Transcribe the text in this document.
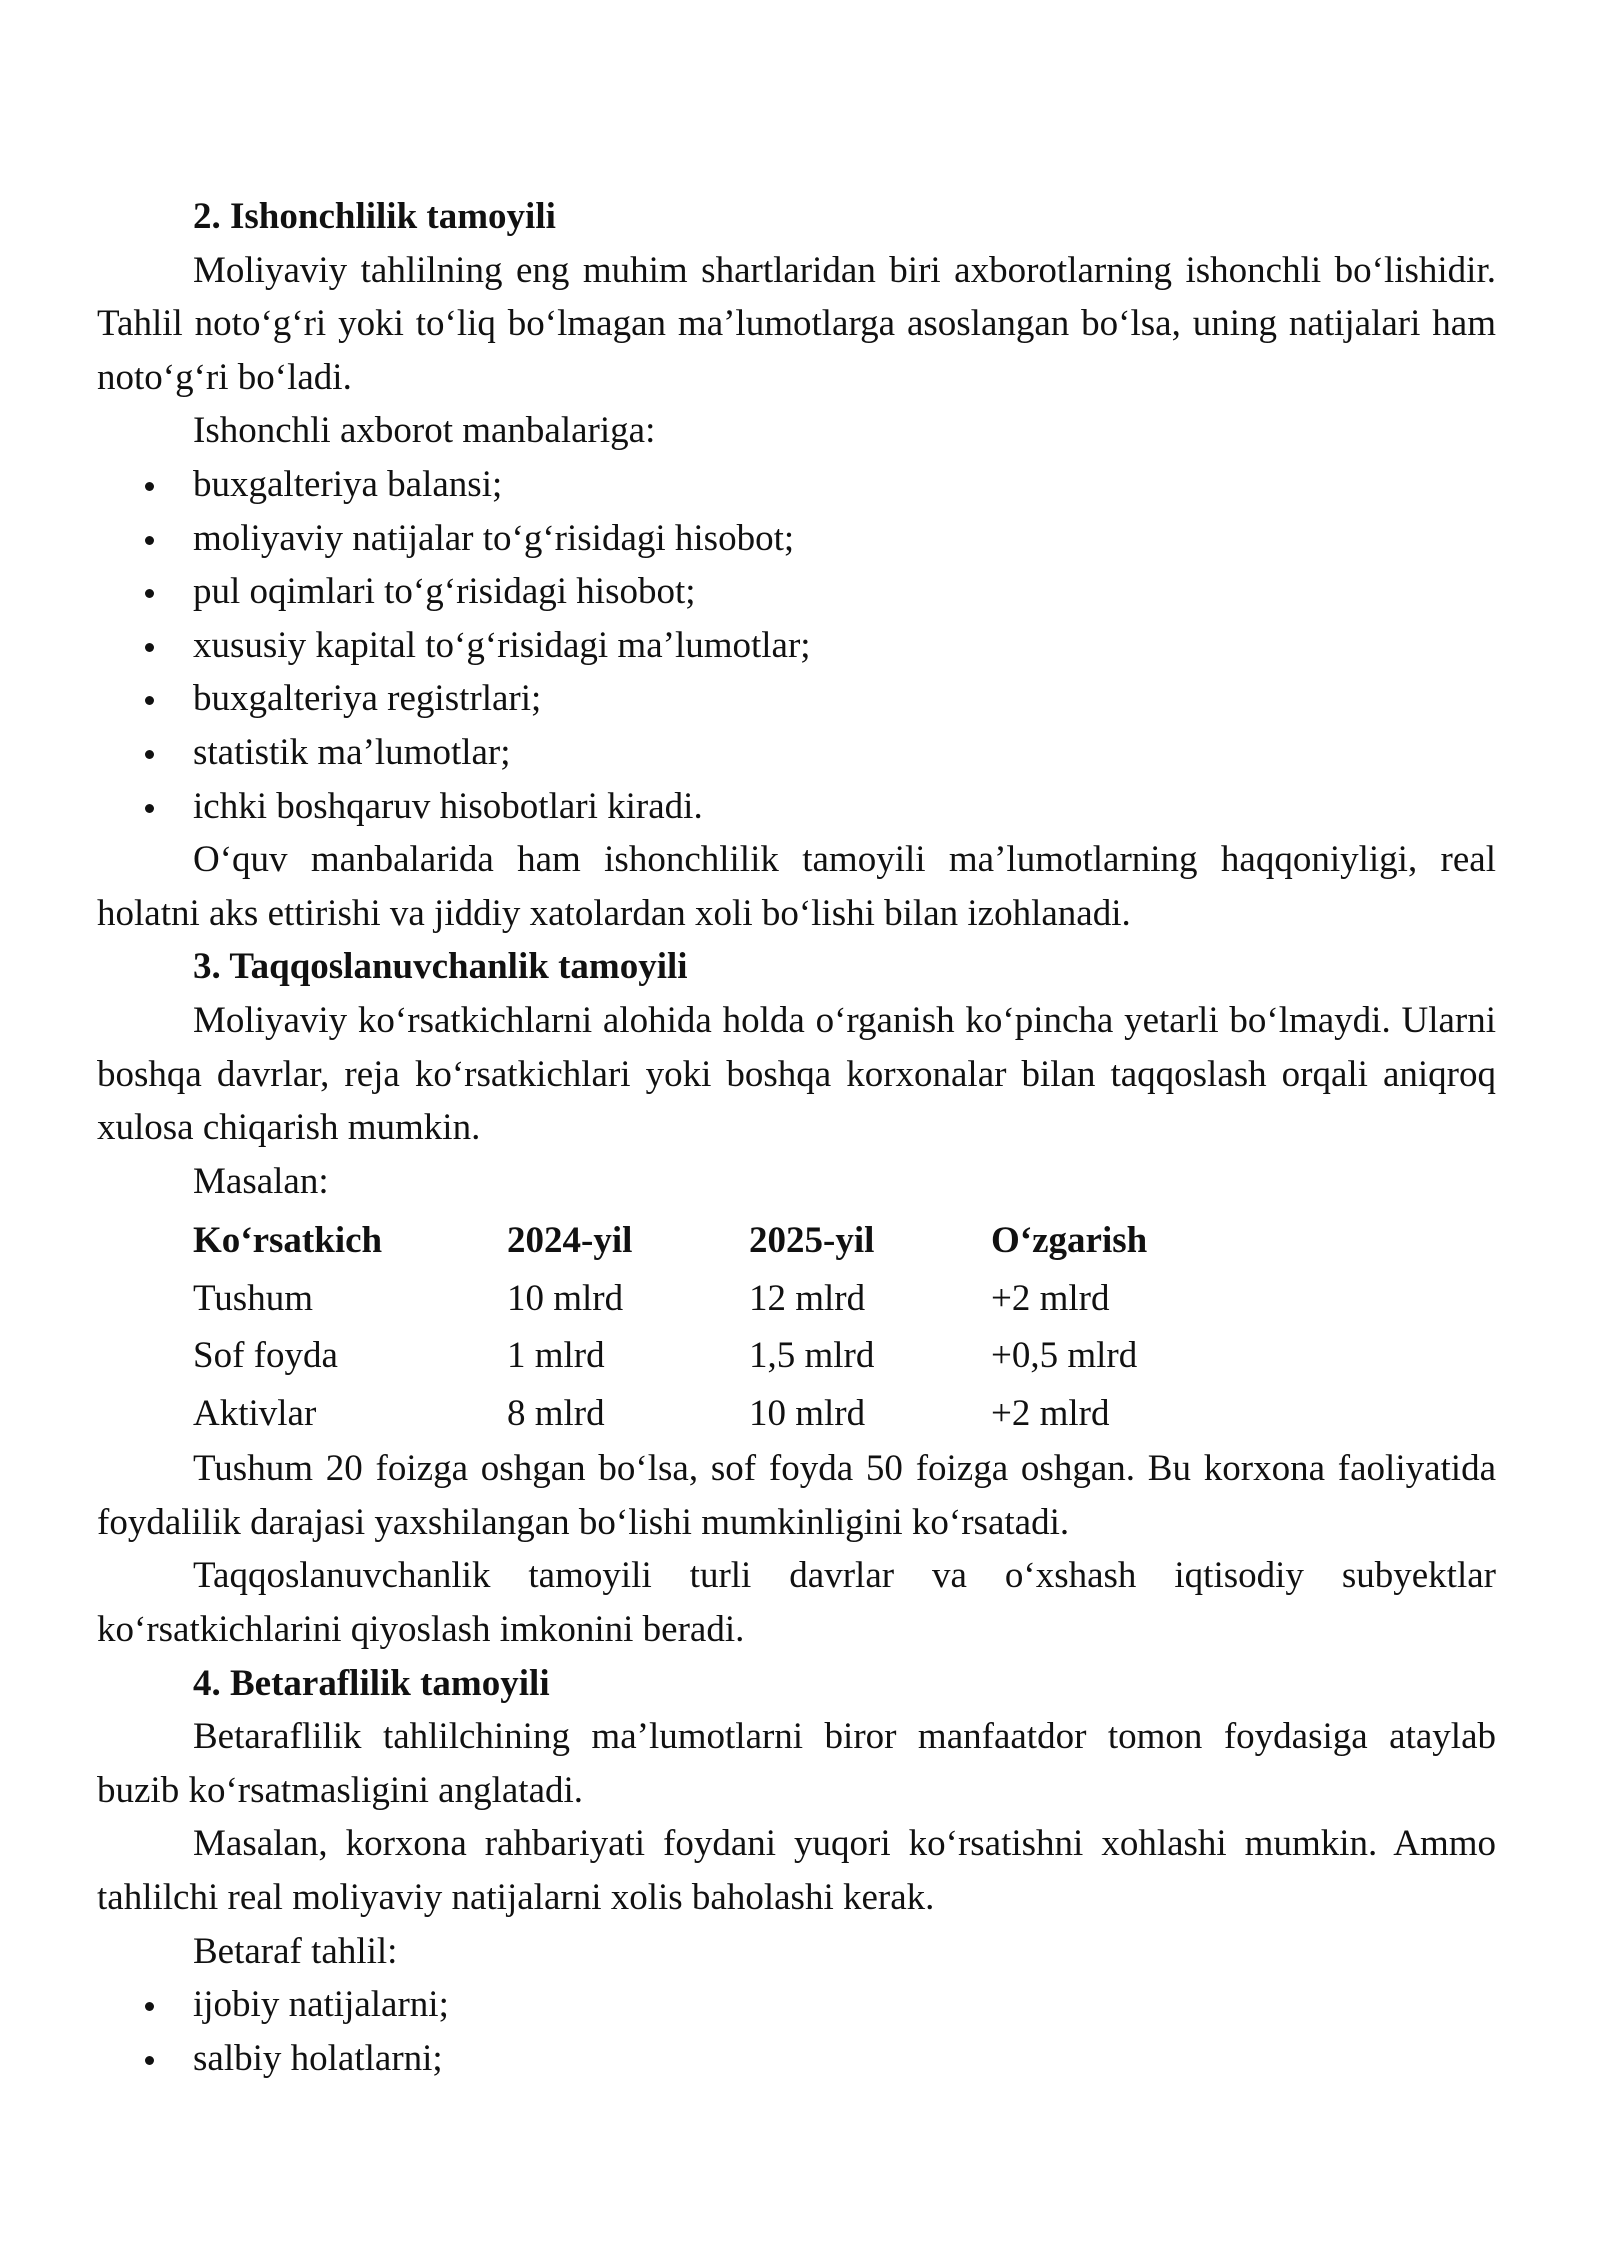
2. Ishonchlilik tamoyili

Moliyaviy tahlilning eng muhim shartlaridan biri axborotlarning ishonchli bo‘lishidir. Tahlil noto‘g‘ri yoki to‘liq bo‘lmagan ma’lumotlarga asoslangan bo‘lsa, uning natijalari ham noto‘g‘ri bo‘ladi.

Ishonchli axborot manbalariga:

buxgalteriya balansi;
moliyaviy natijalar to‘g‘risidagi hisobot;
pul oqimlari to‘g‘risidagi hisobot;
xususiy kapital to‘g‘risidagi ma’lumotlar;
buxgalteriya registrlari;
statistik ma’lumotlar;
ichki boshqaruv hisobotlari kiradi.

O‘quv manbalarida ham ishonchlilik tamoyili ma’lumotlarning haqqoniyligi, real holatni aks ettirishi va jiddiy xatolardan xoli bo‘lishi bilan izohlanadi.

3. Taqqoslanuvchanlik tamoyili

Moliyaviy ko‘rsatkichlarni alohida holda o‘rganish ko‘pincha yetarli bo‘lmaydi. Ularni boshqa davrlar, reja ko‘rsatkichlari yoki boshqa korxonalar bilan taqqoslash orqali aniqroq xulosa chiqarish mumkin.

Masalan:

Ko‘rsatkich	2024-yil	2025-yil	O‘zgarish
Tushum	10 mlrd	12 mlrd	+2 mlrd
Sof foyda	1 mlrd	1,5 mlrd	+0,5 mlrd
Aktivlar	8 mlrd	10 mlrd	+2 mlrd

Tushum 20 foizga oshgan bo‘lsa, sof foyda 50 foizga oshgan. Bu korxona faoliyatida foydalilik darajasi yaxshilangan bo‘lishi mumkinligini ko‘rsatadi.

Taqqoslanuvchanlik tamoyili turli davrlar va o‘xshash iqtisodiy subyektlar ko‘rsatkichlarini qiyoslash imkonini beradi.

4. Betaraflilik tamoyili

Betaraflilik tahlilchining ma’lumotlarni biror manfaatdor tomon foydasiga ataylab buzib ko‘rsatmasligini anglatadi.

Masalan, korxona rahbariyati foydani yuqori ko‘rsatishni xohlashi mumkin. Ammo tahlilchi real moliyaviy natijalarni xolis baholashi kerak.

Betaraf tahlil:

ijobiy natijalarni;
salbiy holatlarni;
